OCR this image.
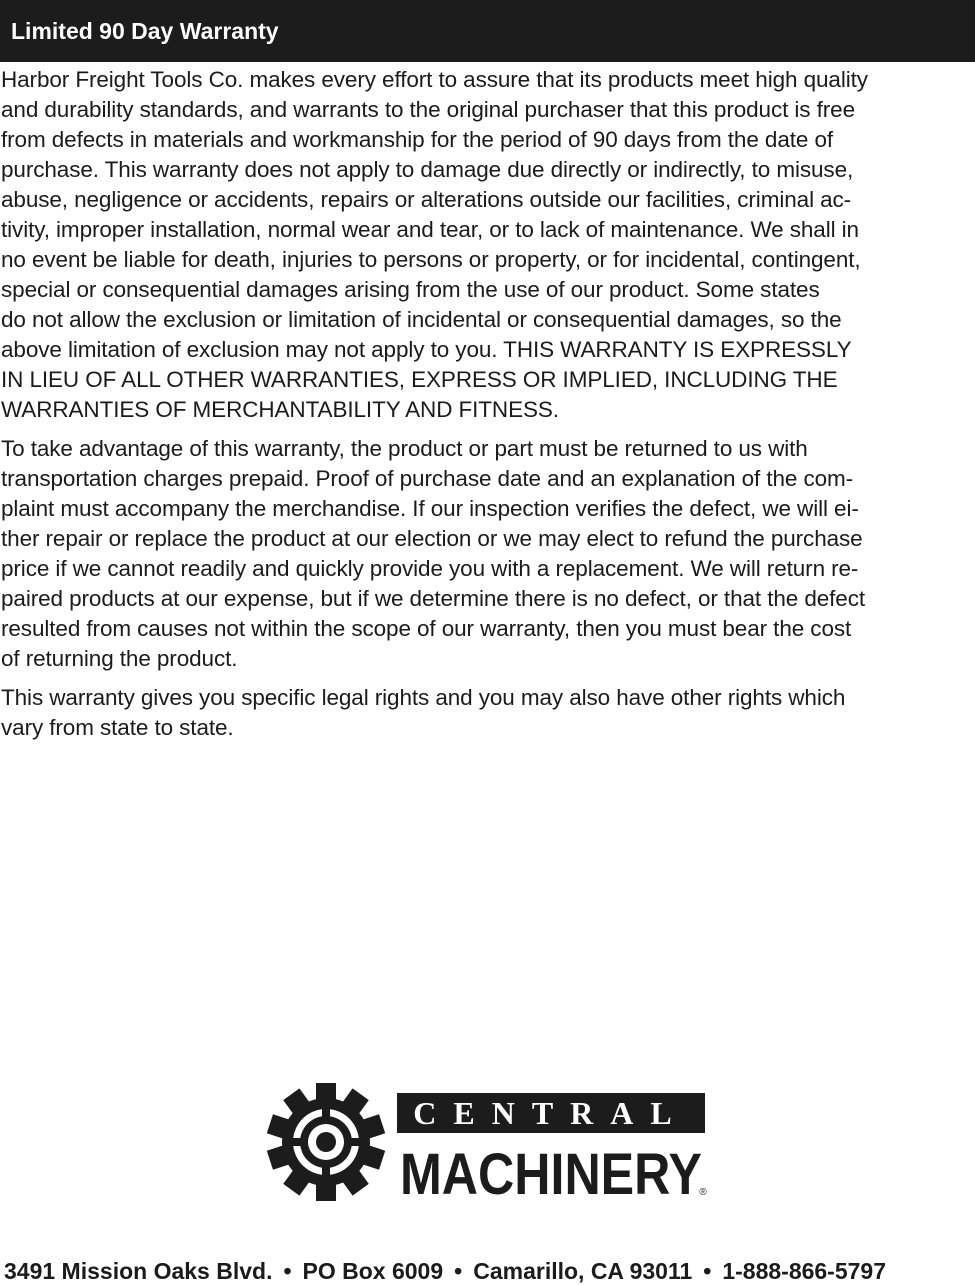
Limited 90 Day Warranty
Harbor Freight Tools Co. makes every effort to assure that its products meet high quality
and durability standards, and warrants to the original purchaser that this product is free
from defects in materials and workmanship for the period of 90 days from the date of
purchase. This warranty does not apply to damage due directly or indirectly, to misuse,
abuse, negligence or accidents, repairs or alterations outside our facilities, criminal ac-
tivity, improper installation, normal wear and tear, or to lack of maintenance. We shall in
no event be liable for death, injuries to persons or property, or for incidental, contingent,
special or consequential damages arising from the use of our product. Some states
do not allow the exclusion or limitation of incidental or consequential damages, so the
above limitation of exclusion may not apply to you. THIS WARRANTY IS EXPRESSLY
IN LIEU OF ALL OTHER WARRANTIES, EXPRESS OR IMPLIED, INCLUDING THE
WARRANTIES OF MERCHANTABILITY AND FITNESS.
To take advantage of this warranty, the product or part must be returned to us with
transportation charges prepaid. Proof of purchase date and an explanation of the com-
plaint must accompany the merchandise. If our inspection verifies the defect, we will ei-
ther repair or replace the product at our election or we may elect to refund the purchase
price if we cannot readily and quickly provide you with a replacement. We will return re-
paired products at our expense, but if we determine there is no defect, or that the defect
resulted from causes not within the scope of our warranty, then you must bear the cost
of returning the product.
This warranty gives you specific legal rights and you may also have other rights which
vary from state to state.
CENTRAL
MACHINERY
®
3491 Mission Oaks Blvd. • PO Box 6009 • Camarillo, CA 93011 • 1-888-866-5797
